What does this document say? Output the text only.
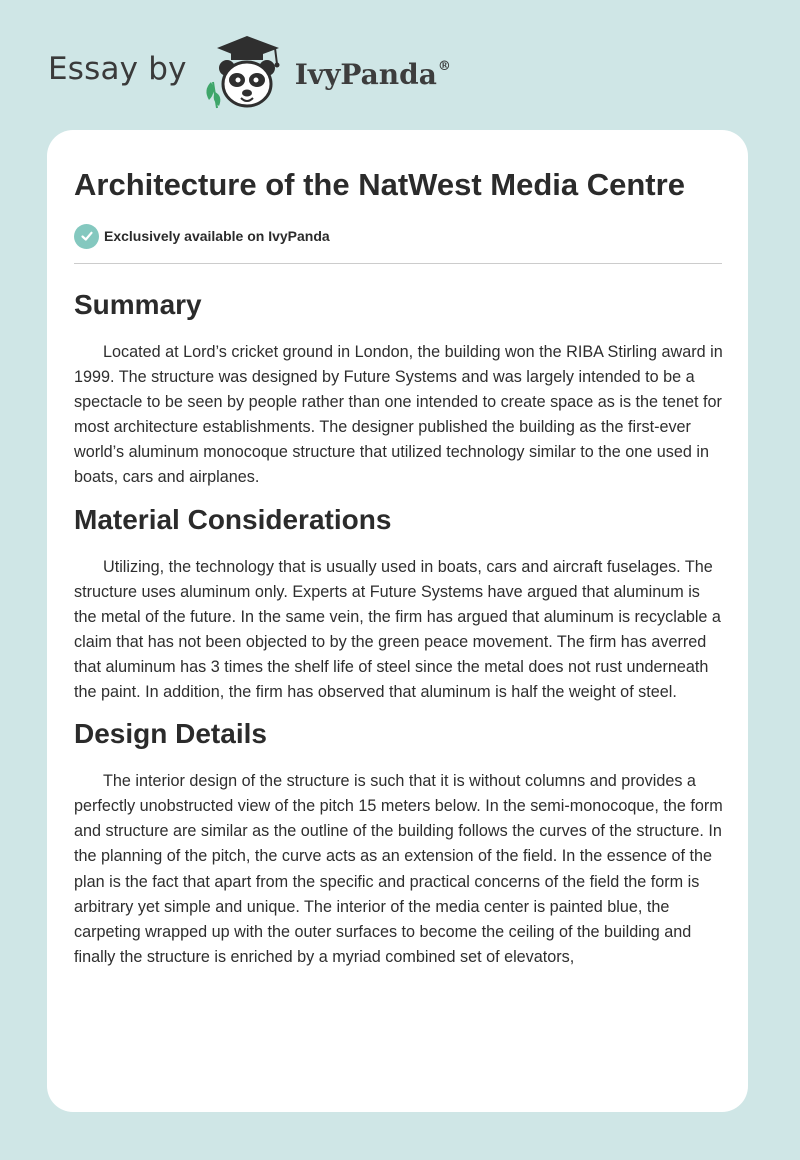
Essay by	IvyPanda®
Architecture of the NatWest Media Centre
Exclusively available on IvyPanda
Summary

Located at Lord’s cricket ground in London, the building won the RIBA Stirling award in 1999. The structure was designed by Future Systems and was largely intended to be a spectacle to be seen by people rather than one intended to create space as is the tenet for most architecture establishments. The designer published the building as the first-ever world’s aluminum monocoque structure that utilized technology similar to the one used in boats, cars and airplanes.

Material Considerations

Utilizing, the technology that is usually used in boats, cars and aircraft fuselages. The structure uses aluminum only. Experts at Future Systems have argued that aluminum is the metal of the future. In the same vein, the firm has argued that aluminum is recyclable a claim that has not been objected to by the green peace movement. The firm has averred that aluminum has 3 times the shelf life of steel since the metal does not rust underneath the paint. In addition, the firm has observed that aluminum is half the weight of steel.

Design Details

The interior design of the structure is such that it is without columns and provides a perfectly unobstructed view of the pitch 15 meters below. In the semi-monocoque, the form and structure are similar as the outline of the building follows the curves of the structure. In the planning of the pitch, the curve acts as an extension of the field. In the essence of the plan is the fact that apart from the specific and practical concerns of the field the form is arbitrary yet simple and unique. The interior of the media center is painted blue, the carpeting wrapped up with the outer surfaces to become the ceiling of the building and finally the structure is enriched by a myriad combined set of elevators,
